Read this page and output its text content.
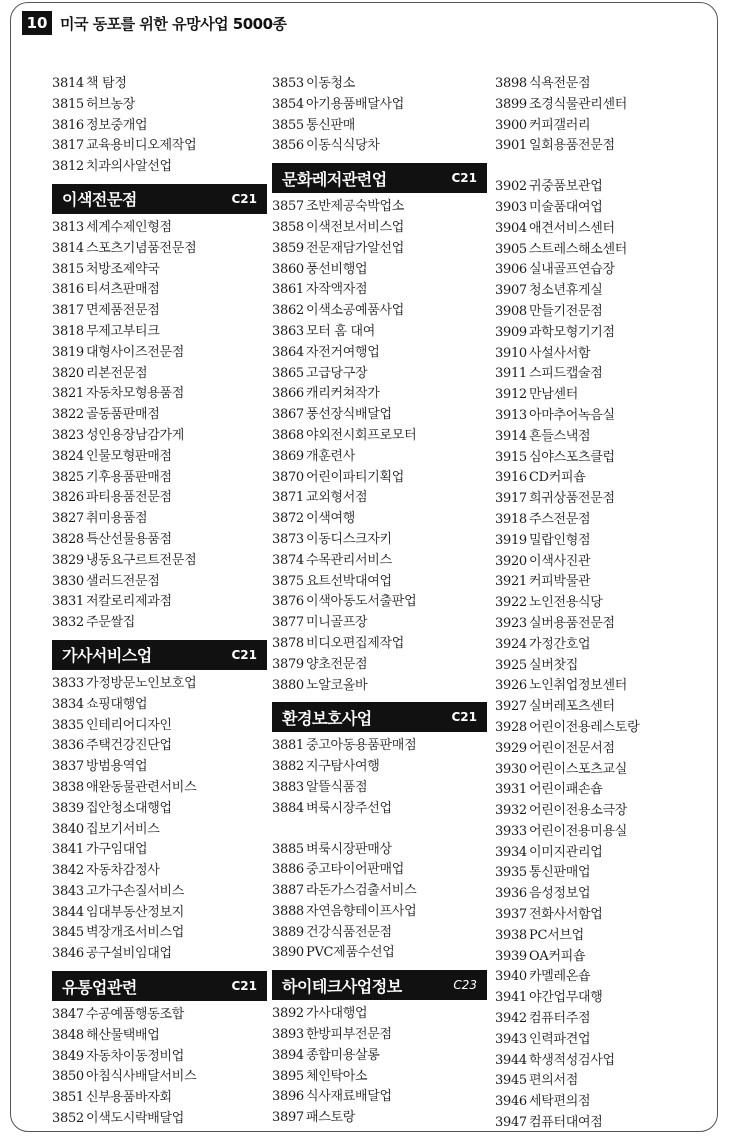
10 미국 동포를 위한 유망사업 5000종
3814 책 탐정
3815 허브농장
3816 정보중개업
3817 교육용비디오제작업
3812 치과의사알선업
이색전문점	C21
3813 세계수제인형점
3814 스포츠기념품전문점
3815 처방조제약국
3816 티셔츠판매점
3817 면제품전문점
3818 무제고부티크
3819 대형사이즈전문점
3820 리본전문점
3821 자동차모형용품점
3822 골동품판매점
3823 성인용장남감가게
3824 인물모형판매점
3825 기후용품판매점
3826 파티용품전문점
3827 취미용품점
3828 특산선물용품점
3829 냉동요구르트전문점
3830 샐러드전문점
3831 저칼로리제과점
3832 주문쌀집
가사서비스업	C21
3833 가정방문노인보호업
3834 쇼핑대행업
3835 인테리어디자인
3836 주택건강진단업
3837 방범용역업
3838 애완동물관련서비스
3839 집안청소대행업
3840 집보기서비스
3841 가구임대업
3842 자동차감정사
3843 고가구손질서비스
3844 임대부동산정보지
3845 벽장개조서비스업
3846 공구설비임대업
유통업관련	C21
3847 수공예품행동조합
3848 해산물택배업
3849 자동차이동정비업
3850 아침식사배달서비스
3851 신부용품바자회
3852 이색도시락배달업
3853 이동청소
3854 아기용품배달사업
3855 통신판매
3856 이동식식당차
문화레저관련업	C21
3857 조반제공숙박업소
3858 이색전보서비스업
3859 전문재담가알선업
3860 풍선비행업
3861 자작액자점
3862 이색소공예품사업
3863 모터 홈 대여
3864 자전거여행업
3865 고급당구장
3866 캐리커쳐작가
3867 풍선장식배달업
3868 야외전시회프로모터
3869 개훈련사
3870 어린이파티기획업
3871 교외형서점
3872 이색여행
3873 이동디스크자키
3874 수목관리서비스
3875 요트선박대여업
3876 이색아동도서출판업
3877 미니골프장
3878 비디오편집제작업
3879 양초전문점
3880 노알코올바
환경보호사업	C21
3881 중고아동용품판매점
3882 지구탐사여행
3883 알뜰식품점
3884 벼룩시장주선업
3885 벼룩시장판매상
3886 중고타이어판매업
3887 라돈가스검출서비스
3888 자연음향테이프사업
3889 건강식품전문점
3890 PVC제품수선업
하이테크사업정보	C23
3892 가사대행업
3893 한방피부전문점
3894 종합미용살롱
3895 체인탁아소
3896 식사재료배달업
3897 패스토랑
3898 식욕전문점
3899 조경식물관리센터
3900 커피갤러리
3901 일회용품전문점
3902 귀중품보관업
3903 미술품대여업
3904 애견서비스센터
3905 스트레스해소센터
3906 실내골프연습장
3907 청소년휴게실
3908 만들기전문점
3909 과학모형기기점
3910 사설사서함
3911 스피드캡술점
3912 만남센터
3913 아마추어녹음실
3914 흔들스낵점
3915 심야스포츠클럽
3916 CD커피숍
3917 희귀상품전문점
3918 주스전문점
3919 밀랍인형점
3920 이색사진관
3921 커피박물관
3922 노인전용식당
3923 실버용품전문점
3924 가정간호업
3925 실버찻집
3926 노인취업정보센터
3927 실버레포츠센터
3928 어린이전용레스토랑
3929 어린이전문서점
3930 어린이스포츠교실
3931 어린이패손숍
3932 어린이전용소극장
3933 어린이전용미용실
3934 이미지관리업
3935 통신판매업
3936 음성정보업
3937 전화사서함업
3938 PC서브업
3939 OA커피숍
3940 카멜레온숍
3941 야간업무대행
3942 컴퓨터주점
3943 인력파견업
3944 학생적성검사업
3945 편의서점
3946 세탁편의점
3947 컴퓨터대여점
